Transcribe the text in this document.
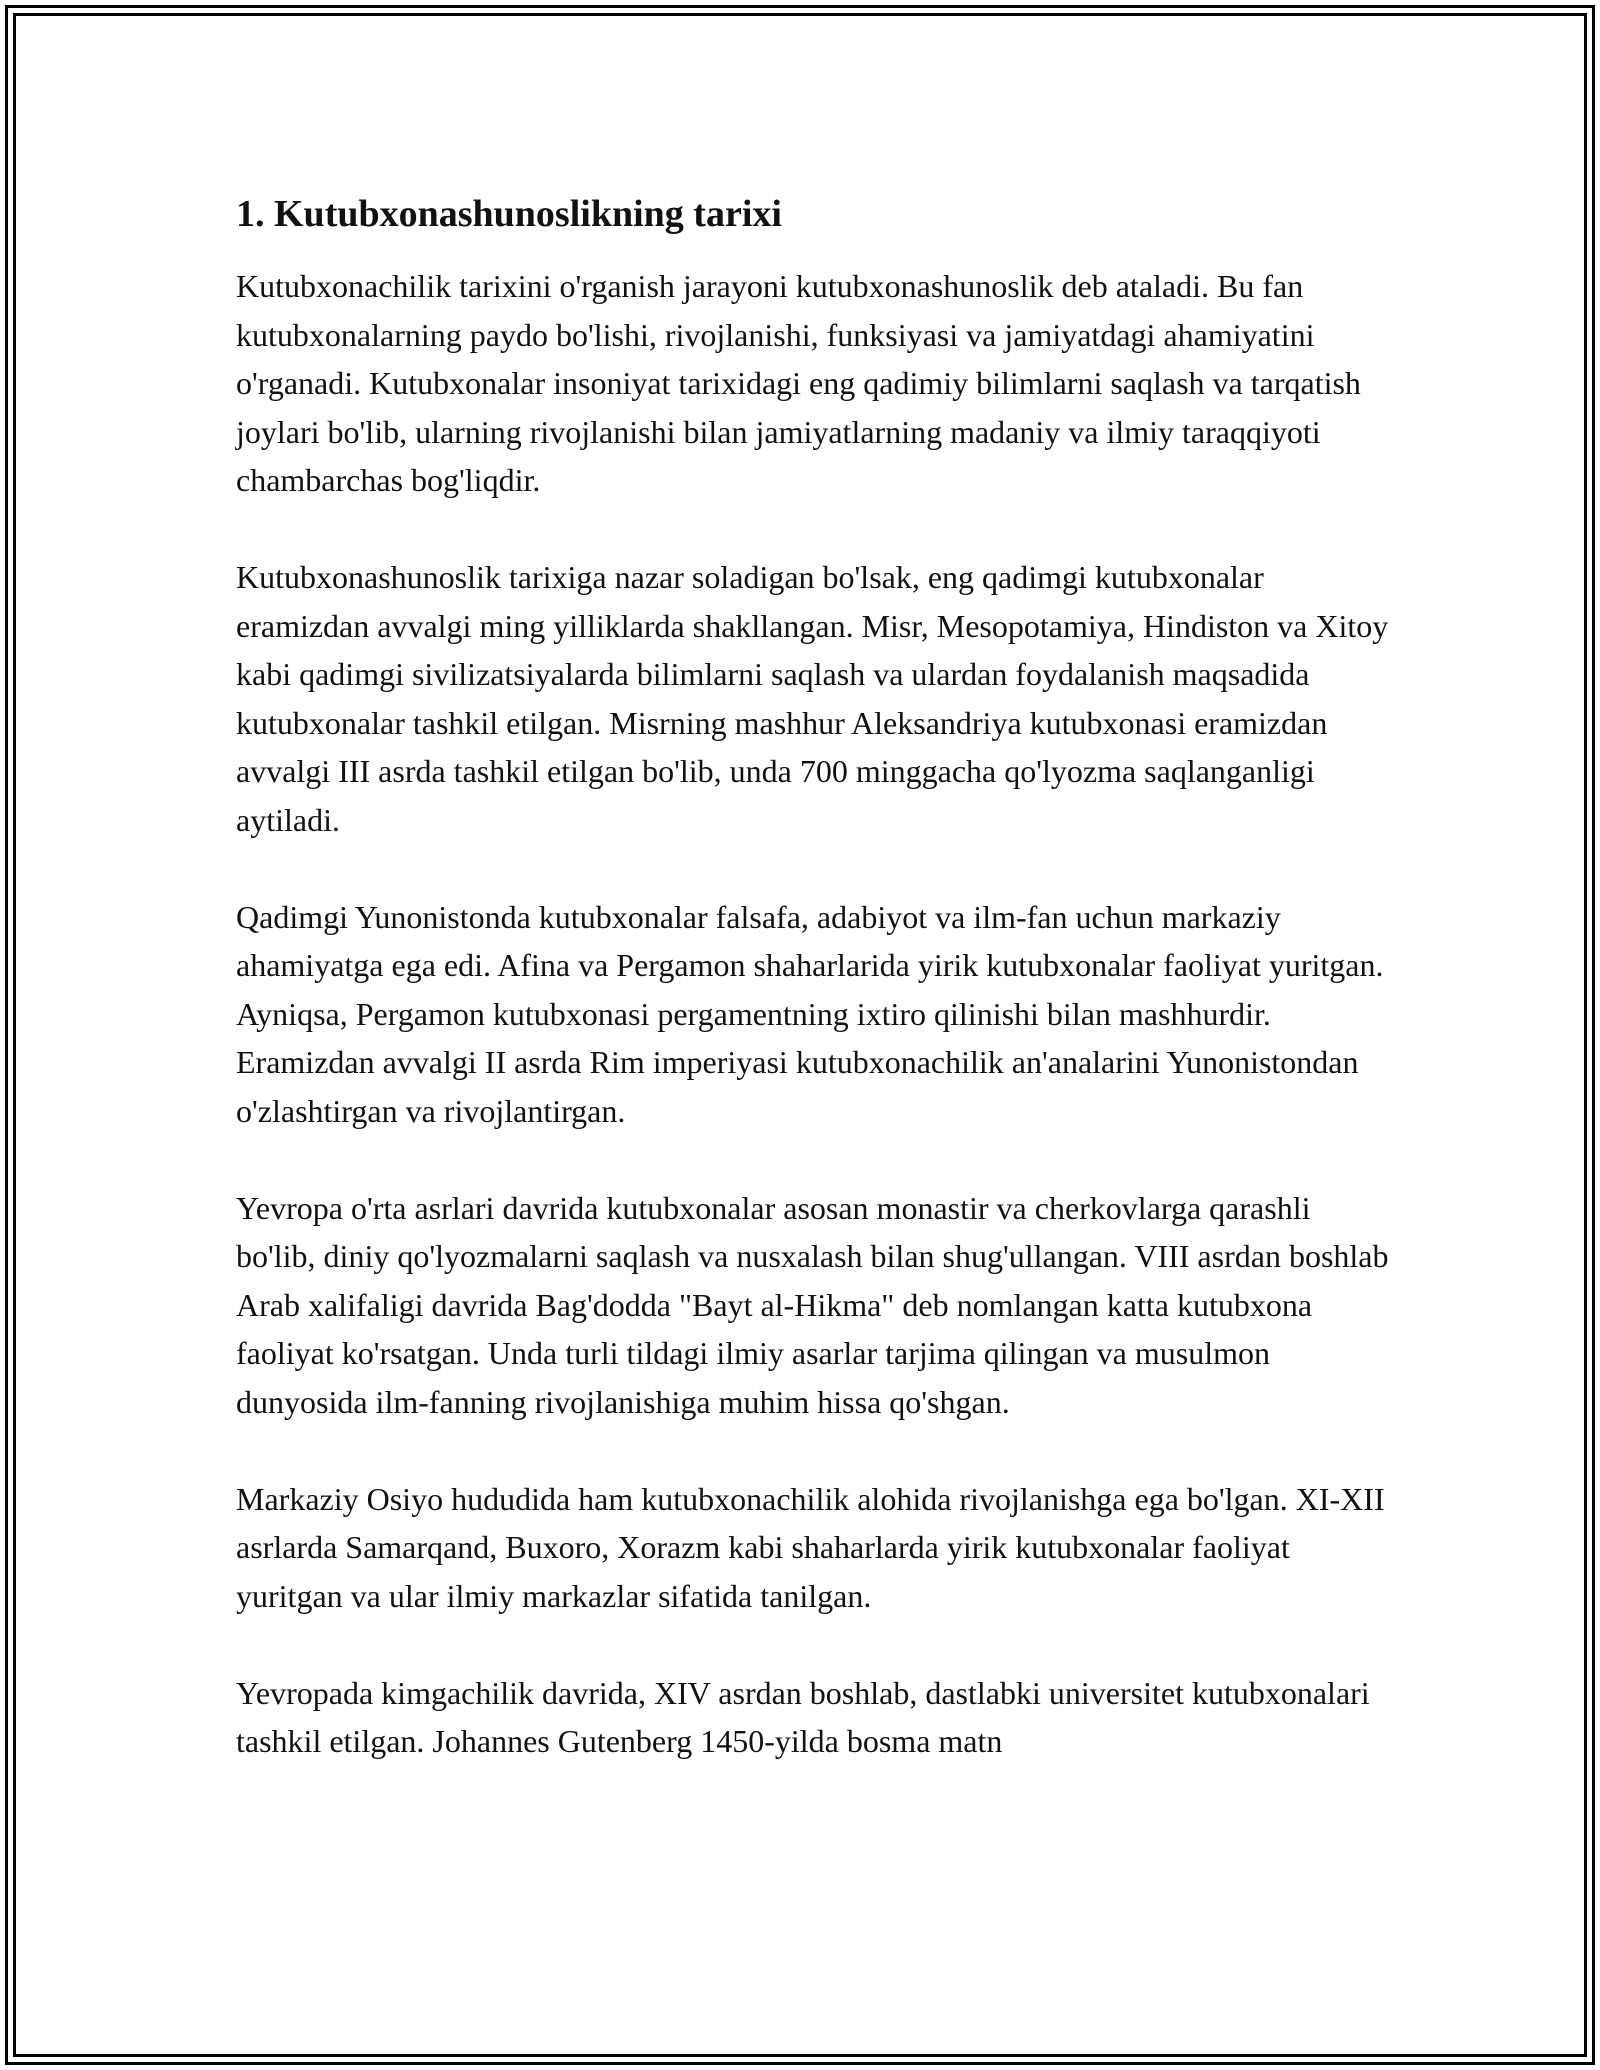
1. Kutubxonashunoslikning tarixi

Kutubxonachilik tarixini o'rganish jarayoni kutubxonashunoslik deb ataladi. Bu fan kutubxonalarning paydo bo'lishi, rivojlanishi, funksiyasi va jamiyatdagi ahamiyatini o'rganadi. Kutubxonalar insoniyat tarixidagi eng qadimiy bilimlarni saqlash va tarqatish joylari bo'lib, ularning rivojlanishi bilan jamiyatlarning madaniy va ilmiy taraqqiyoti chambarchas bog'liqdir.

Kutubxonashunoslik tarixiga nazar soladigan bo'lsak, eng qadimgi kutubxonalar eramizdan avvalgi ming yilliklarda shakllangan. Misr, Mesopotamiya, Hindiston va Xitoy kabi qadimgi sivilizatsiyalarda bilimlarni saqlash va ulardan foydalanish maqsadida kutubxonalar tashkil etilgan. Misrning mashhur Aleksandriya kutubxonasi eramizdan avvalgi III asrda tashkil etilgan bo'lib, unda 700 minggacha qo'lyozma saqlanganligi aytiladi.

Qadimgi Yunonistonda kutubxonalar falsafa, adabiyot va ilm-fan uchun markaziy ahamiyatga ega edi. Afina va Pergamon shaharlarida yirik kutubxonalar faoliyat yuritgan. Ayniqsa, Pergamon kutubxonasi pergamentning ixtiro qilinishi bilan mashhurdir. Eramizdan avvalgi II asrda Rim imperiyasi kutubxonachilik an'analarini Yunonistondan o'zlashtirgan va rivojlantirgan.

Yevropa o'rta asrlari davrida kutubxonalar asosan monastir va cherkovlarga qarashli bo'lib, diniy qo'lyozmalarni saqlash va nusxalash bilan shug'ullangan. VIII asrdan boshlab Arab xalifaligi davrida Bag'dodda "Bayt al-Hikma" deb nomlangan katta kutubxona faoliyat ko'rsatgan. Unda turli tildagi ilmiy asarlar tarjima qilingan va musulmon dunyosida ilm-fanning rivojlanishiga muhim hissa qo'shgan.

Markaziy Osiyo hududida ham kutubxonachilik alohida rivojlanishga ega bo'lgan. XI-XII asrlarda Samarqand, Buxoro, Xorazm kabi shaharlarda yirik kutubxonalar faoliyat yuritgan va ular ilmiy markazlar sifatida tanilgan.

Yevropada kimgachilik davrida, XIV asrdan boshlab, dastlabki universitet kutubxonalari tashkil etilgan. Johannes Gutenberg 1450-yilda bosma matn
